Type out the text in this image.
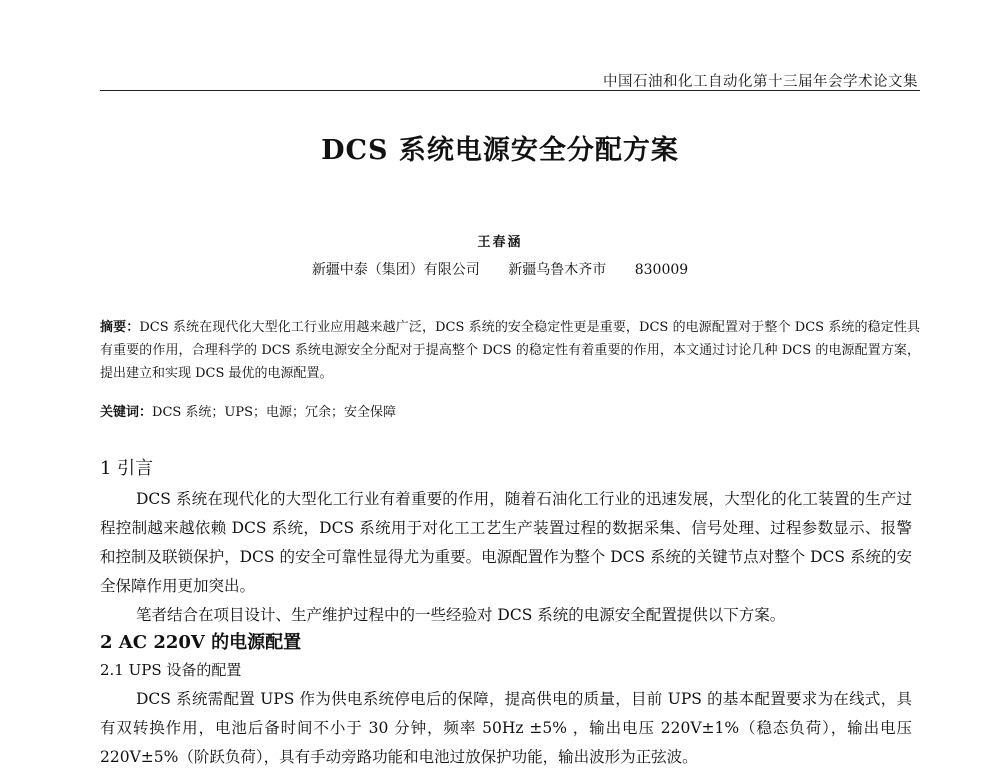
中国石油和化工自动化第十三届年会学术论文集
DCS 系统电源安全分配方案
王春涵
新疆中泰（集团）有限公司 新疆乌鲁木齐市 830009
摘要：DCS 系统在现代化大型化工行业应用越来越广泛，DCS 系统的安全稳定性更是重要，DCS 的电源配置对于整个 DCS 系统的稳定性具有重要的作用，合理科学的 DCS 系统电源安全分配对于提高整个 DCS 的稳定性有着重要的作用，本文通过讨论几种 DCS 的电源配置方案，提出建立和实现 DCS 最优的电源配置。
关键词：DCS 系统；UPS；电源；冗余；安全保障
1 引言

DCS 系统在现代化的大型化工行业有着重要的作用，随着石油化工行业的迅速发展，大型化的化工装置的生产过程控制越来越依赖 DCS 系统，DCS 系统用于对化工工艺生产装置过程的数据采集、信号处理、过程参数显示、报警和控制及联锁保护，DCS 的安全可靠性显得尤为重要。电源配置作为整个 DCS 系统的关键节点对整个 DCS 系统的安全保障作用更加突出。

笔者结合在项目设计、生产维护过程中的一些经验对 DCS 系统的电源安全配置提供以下方案。

2 AC 220V 的电源配置
2.1 UPS 设备的配置

DCS 系统需配置 UPS 作为供电系统停电后的保障，提高供电的质量，目前 UPS 的基本配置要求为在线式，具有双转换作用，电池后备时间不小于 30 分钟，频率 50Hz ±5% ，输出电压 220V±1%（稳态负荷），输出电压 220V±5%（阶跃负荷），具有手动旁路功能和电池过放保护功能，输出波形为正弦波。
